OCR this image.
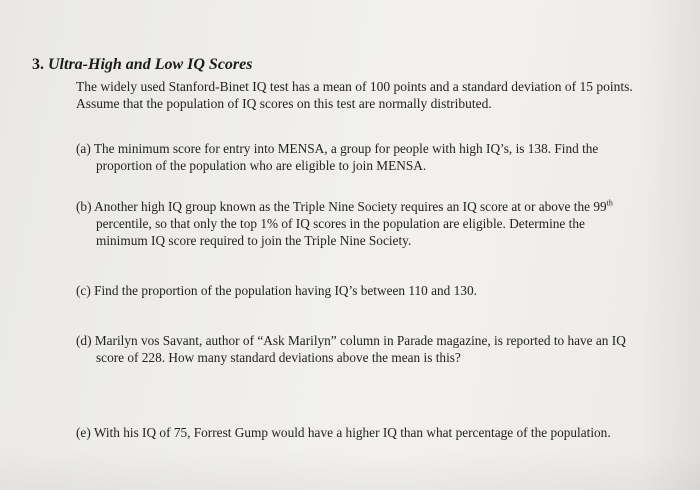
3. Ultra-High and Low IQ Scores
The widely used Stanford-Binet IQ test has a mean of 100 points and a standard deviation of 15 points.
Assume that the population of IQ scores on this test are normally distributed.
(a) The minimum score for entry into MENSA, a group for people with high IQ’s, is 138. Find the
proportion of the population who are eligible to join MENSA.
(b) Another high IQ group known as the Triple Nine Society requires an IQ score at or above the 99th
percentile, so that only the top 1% of IQ scores in the population are eligible. Determine the
minimum IQ score required to join the Triple Nine Society.
(c) Find the proportion of the population having IQ’s between 110 and 130.
(d) Marilyn vos Savant, author of “Ask Marilyn” column in Parade magazine, is reported to have an IQ
score of 228. How many standard deviations above the mean is this?
(e) With his IQ of 75, Forrest Gump would have a higher IQ than what percentage of the population.
